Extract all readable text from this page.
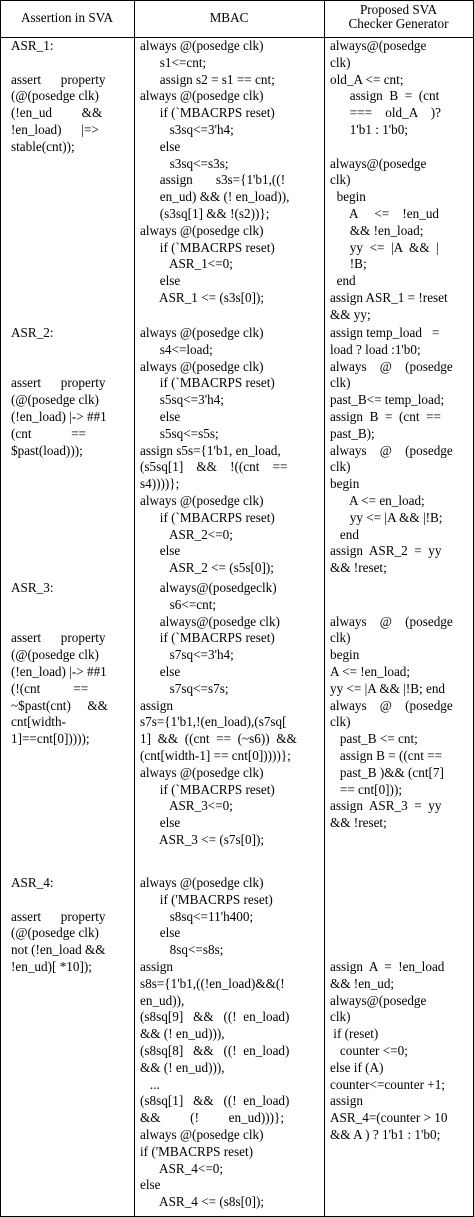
Assertion in SVA	MBAC
Proposed SVA
Checker Generator
ASR_1:
assert      property
(@(posedge clk)
(!en_ud         &&
!en_load)      |=>
stable(cnt));
always @(posedge clk)
s1<=cnt;
assign s2 = s1 == cnt;
always @(posedge clk)
if (`MBACRPS reset)
s3sq<=3'h4;
else
s3sq<=s3s;
assign       s3s={1'b1,((!
en_ud) && (! en_load)),
(s3sq[1] && !(s2))};
always @(posedge clk)
if (`MBACRPS reset)
ASR_1<=0;
else
ASR_1 <= (s3s[0]);
always@(posedge
clk)
old_A <= cnt;
assign  B  =  (cnt
===    old_A    )?
1'b1 : 1'b0;
always@(posedge
clk)
begin
A     <=    !en_ud
&& !en_load;
yy  <=  |A  &&  |
!B;
end
assign ASR_1 = !reset
&& yy;
ASR_2:
assert      property
(@(posedge clk)
(!en_load) |-> ##1
(cnt            ==
$past(load)));
always @(posedge clk)
s4<=load;
always @(posedge clk)
if (`MBACRPS reset)
s5sq<=3'h4;
else
s5sq<=s5s;
assign s5s={1'b1, en_load,
(s5sq[1]    &&    !((cnt    ==
s4))))};
always @(posedge clk)
if (`MBACRPS reset)
ASR_2<=0;
else
ASR_2 <= (s5s[0]);
assign temp_load   =
load ? load :1'b0;
always    @    (posedge
clk)
past_B<= temp_load;
assign  B  =  (cnt  ==
past_B);
always    @    (posedge
clk)
begin
A <= en_load;
yy <= |A && |!B;
end
assign  ASR_2  =  yy
&& !reset;
ASR_3:
assert      property
(@(posedge clk)
(!en_load) |-> ##1
(!(cnt          ==
~$past(cnt)     &&
cnt[width-
1]==cnt[0]))));
always@(posedgeclk)
s6<=cnt;
always@(posedge clk)
if (`MBACRPS reset)
s7sq<=3'h4;
else
s7sq<=s7s;
assign
s7s={1'b1,!(en_load),(s7sq[
1]  &&  ((cnt  ==  (~s6))  &&
(cnt[width-1] == cnt[0]))))};
always @(posedge clk)
if (`MBACRPS reset)
ASR_3<=0;
else
ASR_3 <= (s7s[0]);
always    @    (posedge
clk)
begin
A <= !en_load;
yy <= |A && |!B; end
always    @    (posedge
clk)
past_B <= cnt;
assign B = ((cnt ==
past_B )&& (cnt[7]
== cnt[0]));
assign  ASR_3  =  yy
&& !reset;
ASR_4:
assert      property
(@(posedge clk)
not (!en_load &&
!en_ud)[ *10]);
always @(posedge clk)
if ('MBACRPS reset)
s8sq<=11'h400;
else
8sq<=s8s;
assign
s8s={1'b1,((!en_load)&&(!
en_ud)),
(s8sq[9]   &&   ((!  en_load)
&& (! en_ud))),
(s8sq[8]   &&   ((!  en_load)
&& (! en_ud))),
...
(s8sq[1]   &&   ((!  en_load)
&&         (!         en_ud)))};
always @(posedge clk)
if ('MBACRPS reset)
ASR_4<=0;
else
ASR_4 <= (s8s[0]);
assign  A  =  !en_load
&& !en_ud;
always@(posedge
clk)
if (reset)
counter <=0;
else if (A)
counter<=counter +1;
assign
ASR_4=(counter > 10
&& A ) ? 1'b1 : 1'b0;
